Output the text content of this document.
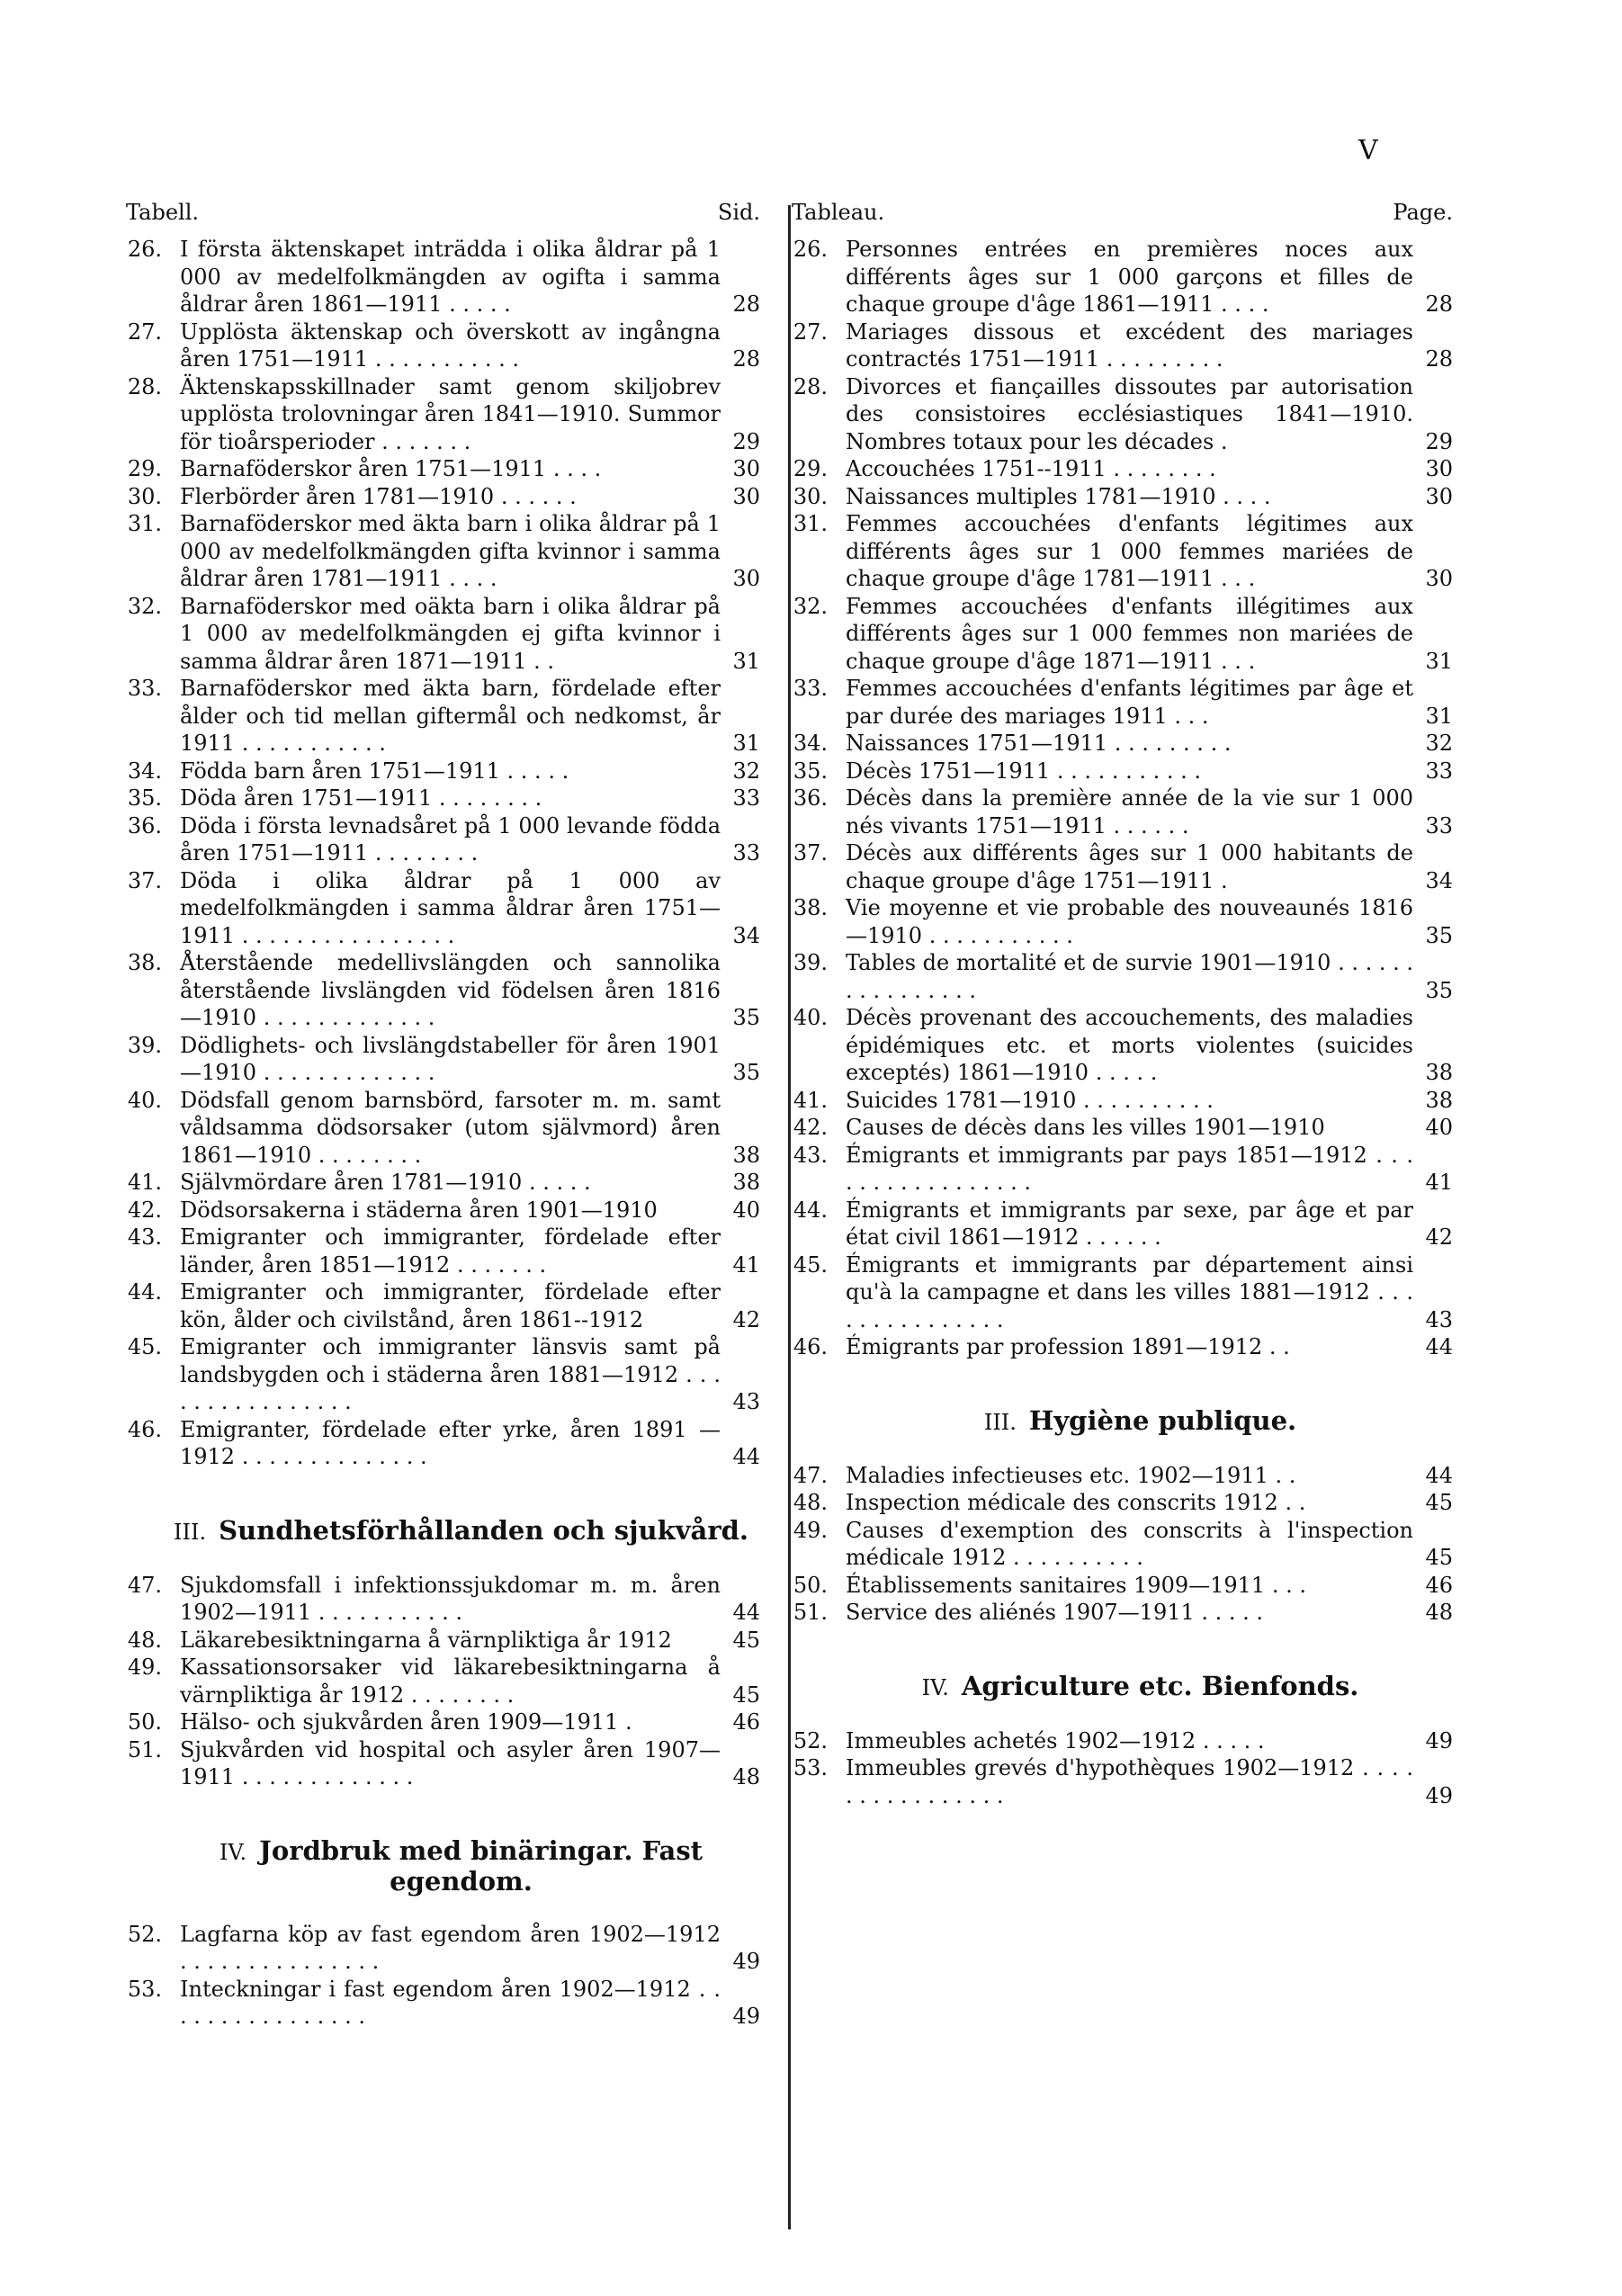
V
Tabell.	Sid.
26. I första äktenskapet inträdda i olika åldrar på 1 000 av medelfolkmängden av ogifta i samma åldrar åren 1861—1911 . . . . .	28
27. Upplösta äktenskap och överskott av ingångna åren 1751—1911 . . . . . . . . . . .	28
28. Äktenskapsskillnader samt genom skiljobrev upplösta trolovningar åren 1841—1910. Summor för tioårsperioder . . . . . . .	29
29. Barnaföderskor åren 1751—1911 . . . .	30
30. Flerbörder åren 1781—1910 . . . . . .	30
31. Barnaföderskor med äkta barn i olika åldrar på 1 000 av medelfolkmängden gifta kvinnor i samma åldrar åren 1781—1911 . . . .	30
32. Barnaföderskor med oäkta barn i olika åldrar på 1 000 av medelfolkmängden ej gifta kvinnor i samma åldrar åren 1871—1911 . .	31
33. Barnaföderskor med äkta barn, fördelade efter ålder och tid mellan giftermål och nedkomst, år 1911 . . . . . . . . . . .	31
34. Födda barn åren 1751—1911 . . . . .	32
35. Döda åren 1751—1911 . . . . . . . .	33
36. Döda i första levnadsåret på 1 000 levande födda åren 1751—1911 . . . . . . . .	33
37. Döda i olika åldrar på 1 000 av medelfolkmängden i samma åldrar åren 1751—1911 . . . . . . . . . . . . . . . .	34
38. Återstående medellivslängden och sannolika återstående livslängden vid födelsen åren 1816—1910 . . . . . . . . . . . . .	35
39. Dödlighets- och livslängdstabeller för åren 1901—1910 . . . . . . . . . . . . .	35
40. Dödsfall genom barnsbörd, farsoter m. m. samt våldsamma dödsorsaker (utom självmord) åren 1861—1910 . . . . . . . .	38
41. Självmördare åren 1781—1910 . . . . .	38
42. Dödsorsakerna i städerna åren 1901—1910	40
43. Emigranter och immigranter, fördelade efter länder, åren 1851—1912 . . . . . . .	41
44. Emigranter och immigranter, fördelade efter kön, ålder och civilstånd, åren 1861--1912	42
45. Emigranter och immigranter länsvis samt på landsbygden och i städerna åren 1881—1912 . . . . . . . . . . . . . . . .	43
46. Emigranter, fördelade efter yrke, åren 1891 —1912 . . . . . . . . . . . . . .	44
III. Sundhetsförhållanden och sjukvård.
47. Sjukdomsfall i infektionssjukdomar m. m. åren 1902—1911 . . . . . . . . . . .	44
48. Läkarebesiktningarna å värnpliktiga år 1912	45
49. Kassationsorsaker vid läkarebesiktningarna å värnpliktiga år 1912 . . . . . . . .	45
50. Hälso- och sjukvården åren 1909—1911 .	46
51. Sjukvården vid hospital och asyler åren 1907—1911 . . . . . . . . . . . . .	48
IV. Jordbruk med binäringar. Fast egendom.
52. Lagfarna köp av fast egendom åren 1902—1912 . . . . . . . . . . . . . . .	49
53. Inteckningar i fast egendom åren 1902—1912 . . . . . . . . . . . . . . . .	49
Tableau.	Page.
26. Personnes entrées en premières noces aux différents âges sur 1 000 garçons et filles de chaque groupe d'âge 1861—1911 . . . .	28
27. Mariages dissous et excédent des mariages contractés 1751—1911 . . . . . . . . .	28
28. Divorces et fiançailles dissoutes par autorisation des consistoires ecclésiastiques 1841—1910. Nombres totaux pour les décades .	29
29. Accouchées 1751--1911 . . . . . . . .	30
30. Naissances multiples 1781—1910 . . . .	30
31. Femmes accouchées d'enfants légitimes aux différents âges sur 1 000 femmes mariées de chaque groupe d'âge 1781—1911 . . .	30
32. Femmes accouchées d'enfants illégitimes aux différents âges sur 1 000 femmes non mariées de chaque groupe d'âge 1871—1911 . . .	31
33. Femmes accouchées d'enfants légitimes par âge et par durée des mariages 1911 . . .	31
34. Naissances 1751—1911 . . . . . . . . .	32
35. Décès 1751—1911 . . . . . . . . . . .	33
36. Décès dans la première année de la vie sur 1 000 nés vivants 1751—1911 . . . . . .	33
37. Décès aux différents âges sur 1 000 habitants de chaque groupe d'âge 1751—1911 .	34
38. Vie moyenne et vie probable des nouveaunés 1816—1910 . . . . . . . . . . .	35
39. Tables de mortalité et de survie 1901—1910 . . . . . . . . . . . . . . . .	35
40. Décès provenant des accouchements, des maladies épidémiques etc. et morts violentes (suicides exceptés) 1861—1910 . . . . .	38
41. Suicides 1781—1910 . . . . . . . . . .	38
42. Causes de décès dans les villes 1901—1910	40
43. Émigrants et immigrants par pays 1851—1912 . . . . . . . . . . . . . . . . .	41
44. Émigrants et immigrants par sexe, par âge et par état civil 1861—1912 . . . . . .	42
45. Émigrants et immigrants par département ainsi qu'à la campagne et dans les villes 1881—1912 . . . . . . . . . . . . . . .	43
46. Émigrants par profession 1891—1912 . .	44
III. Hygiène publique.
47. Maladies infectieuses etc. 1902—1911 . .	44
48. Inspection médicale des conscrits 1912 . .	45
49. Causes d'exemption des conscrits à l'inspection médicale 1912 . . . . . . . . . .	45
50. Établissements sanitaires 1909—1911 . . .	46
51. Service des aliénés 1907—1911 . . . . .	48
IV. Agriculture etc. Bienfonds.
52. Immeubles achetés 1902—1912 . . . . .	49
53. Immeubles grevés d'hypothèques 1902—1912 . . . . . . . . . . . . . . . .	49
